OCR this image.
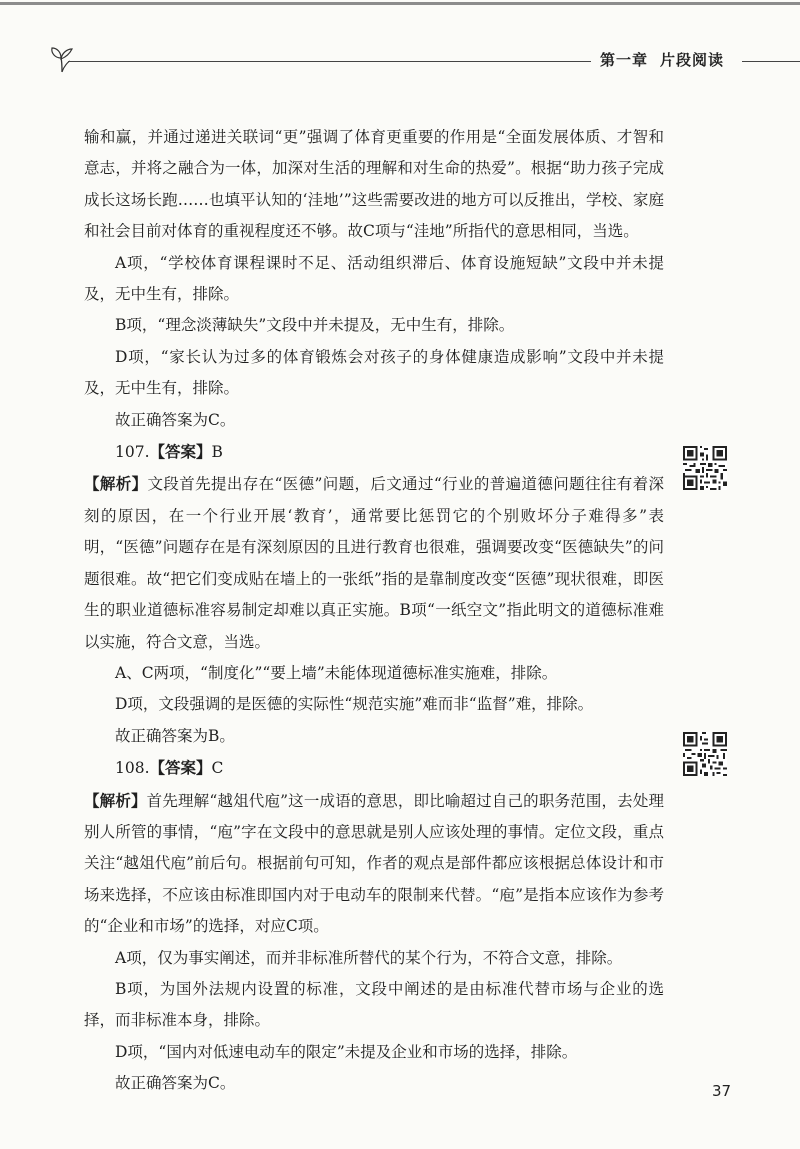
第一章 片段阅读

输和赢，并通过递进关联词“更”强调了体育更重要的作用是“全面发展体质、才智和意志，并将之融合为一体，加深对生活的理解和对生命的热爱”。根据“助力孩子完成成长这场长跑……也填平认知的‘洼地’”这些需要改进的地方可以反推出，学校、家庭和社会目前对体育的重视程度还不够。故C项与“洼地”所指代的意思相同，当选。

A项，“学校体育课程课时不足、活动组织滞后、体育设施短缺”文段中并未提及，无中生有，排除。

B项，“理念淡薄缺失”文段中并未提及，无中生有，排除。

D项，“家长认为过多的体育锻炼会对孩子的身体健康造成影响”文段中并未提及，无中生有，排除。

故正确答案为C。

107.【答案】B

【解析】文段首先提出存在“医德”问题，后文通过“行业的普遍道德问题往往有着深刻的原因，在一个行业开展‘教育’，通常要比惩罚它的个别败坏分子难得多”表明，“医德”问题存在是有深刻原因的且进行教育也很难，强调要改变“医德缺失”的问题很难。故“把它们变成贴在墙上的一张纸”指的是靠制度改变“医德”现状很难，即医生的职业道德标准容易制定却难以真正实施。B项“一纸空文”指此明文的道德标准难以实施，符合文意，当选。

A、C两项，“制度化”“要上墙”未能体现道德标准实施难，排除。

D项，文段强调的是医德的实际性“规范实施”难而非“监督”难，排除。

故正确答案为B。

108.【答案】C

【解析】首先理解“越俎代庖”这一成语的意思，即比喻超过自己的职务范围，去处理别人所管的事情，“庖”字在文段中的意思就是别人应该处理的事情。定位文段，重点关注“越俎代庖”前后句。根据前句可知，作者的观点是部件都应该根据总体设计和市场来选择，不应该由标准即国内对于电动车的限制来代替。“庖”是指本应该作为参考的“企业和市场”的选择，对应C项。

A项，仅为事实阐述，而并非标准所替代的某个行为，不符合文意，排除。

B项，为国外法规内设置的标准，文段中阐述的是由标准代替市场与企业的选择，而非标准本身，排除。

D项，“国内对低速电动车的限定”未提及企业和市场的选择，排除。

故正确答案为C。	37
